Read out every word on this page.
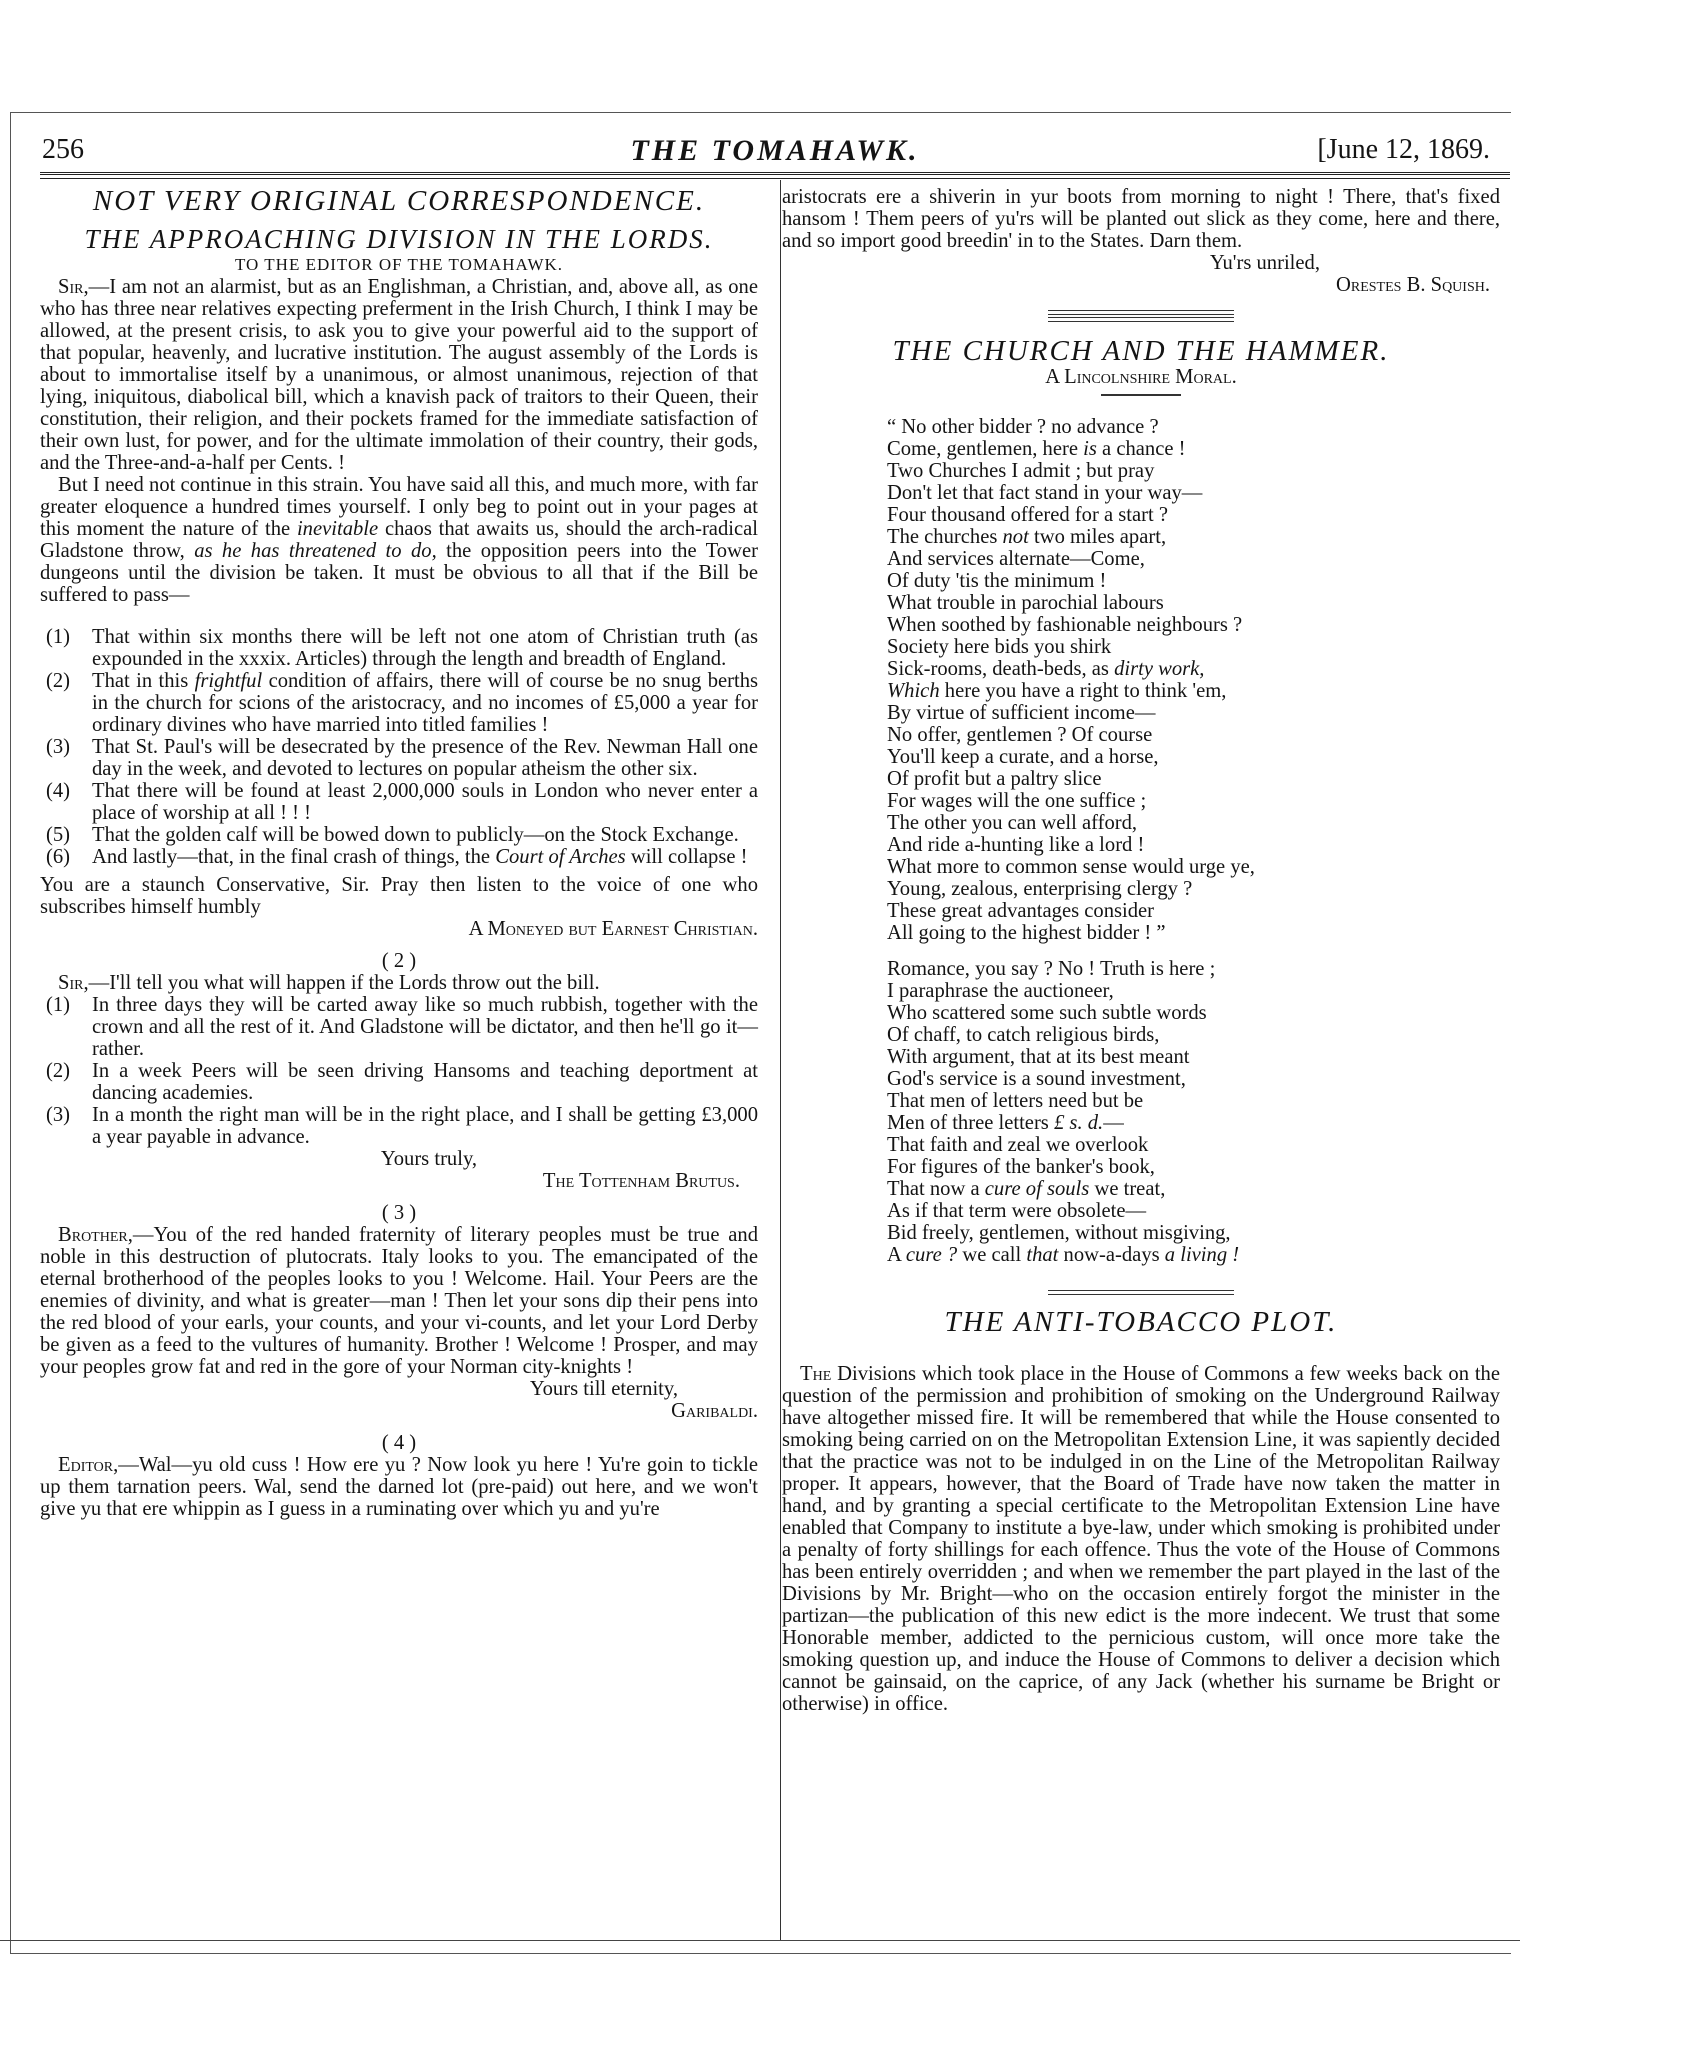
256	THE TOMAHAWK.	[June 12, 1869.

NOT VERY ORIGINAL CORRESPONDENCE.

THE APPROACHING DIVISION IN THE LORDS.

TO THE EDITOR OF THE TOMAHAWK.

Sir,—I am not an alarmist, but as an Englishman, a Christian, and, above all, as one who has three near relatives expecting preferment in the Irish Church, I think I may be allowed, at the present crisis, to ask you to give your powerful aid to the support of that popular, heavenly, and lucrative institution. The august assembly of the Lords is about to immortalise itself by a unanimous, or almost unanimous, rejection of that lying, iniquitous, diabolical bill, which a knavish pack of traitors to their Queen, their constitution, their religion, and their pockets framed for the immediate satisfaction of their own lust, for power, and for the ultimate immolation of their country, their gods, and the Three-and-a-half per Cents. !

But I need not continue in this strain. You have said all this, and much more, with far greater eloquence a hundred times yourself. I only beg to point out in your pages at this moment the nature of the inevitable chaos that awaits us, should the arch-radical Gladstone throw, as he has threatened to do, the opposition peers into the Tower dungeons until the division be taken. It must be obvious to all that if the Bill be suffered to pass—

(1)	That within six months there will be left not one atom of Christian truth (as expounded in the xxxix. Articles) through the length and breadth of England.
(2)	That in this frightful condition of affairs, there will of course be no snug berths in the church for scions of the aristocracy, and no incomes of £5,000 a year for ordinary divines who have married into titled families !
(3)	That St. Paul's will be desecrated by the presence of the Rev. Newman Hall one day in the week, and devoted to lectures on popular atheism the other six.
(4)	That there will be found at least 2,000,000 souls in London who never enter a place of worship at all ! ! !
(5)	That the golden calf will be bowed down to publicly—on the Stock Exchange.
(6)	And lastly—that, in the final crash of things, the Court of Arches will collapse !

You are a staunch Conservative, Sir. Pray then listen to the voice of one who subscribes himself humbly

A Moneyed but Earnest Christian.

( 2 )

Sir,—I'll tell you what will happen if the Lords throw out the bill.

(1)	In three days they will be carted away like so much rubbish, together with the crown and all the rest of it. And Gladstone will be dictator, and then he'll go it—rather.
(2)	In a week Peers will be seen driving Hansoms and teaching deportment at dancing academies.
(3)	In a month the right man will be in the right place, and I shall be getting £3,000 a year payable in advance.

Yours truly,

The Tottenham Brutus.

( 3 )

Brother,—You of the red handed fraternity of literary peoples must be true and noble in this destruction of plutocrats. Italy looks to you. The emancipated of the eternal brotherhood of the peoples looks to you ! Welcome. Hail. Your Peers are the enemies of divinity, and what is greater—man ! Then let your sons dip their pens into the red blood of your earls, your counts, and your vi-counts, and let your Lord Derby be given as a feed to the vultures of humanity. Brother ! Welcome ! Prosper, and may your peoples grow fat and red in the gore of your Norman city-knights !

Yours till eternity,

Garibaldi.

( 4 )

Editor,—Wal—yu old cuss ! How ere yu ? Now look yu here ! Yu're goin to tickle up them tarnation peers. Wal, send the darned lot (pre-paid) out here, and we won't give yu that ere whippin as I guess in a ruminating over which yu and yu're

aristocrats ere a shiverin in yur boots from morning to night ! There, that's fixed hansom ! Them peers of yu'rs will be planted out slick as they come, here and there, and so import good breedin' in to the States. Darn them.

Yu'rs unriled,

Orestes B. Squish.

THE CHURCH AND THE HAMMER.

A Lincolnshire Moral.

“ No other bidder ? no advance ?

Come, gentlemen, here is a chance !

Two Churches I admit ; but pray

Don't let that fact stand in your way—

Four thousand offered for a start ?

The churches not two miles apart,

And services alternate—Come,

Of duty 'tis the minimum !

What trouble in parochial labours

When soothed by fashionable neighbours ?

Society here bids you shirk

Sick-rooms, death-beds, as dirty work,

Which here you have a right to think 'em,

By virtue of sufficient income—

No offer, gentlemen ? Of course

You'll keep a curate, and a horse,

Of profit but a paltry slice

For wages will the one suffice ;

The other you can well afford,

And ride a-hunting like a lord !

What more to common sense would urge ye,

Young, zealous, enterprising clergy ?

These great advantages consider

All going to the highest bidder ! ”

Romance, you say ? No ! Truth is here ;

I paraphrase the auctioneer,

Who scattered some such subtle words

Of chaff, to catch religious birds,

With argument, that at its best meant

God's service is a sound investment,

That men of letters need but be

Men of three letters £ s. d.—

That faith and zeal we overlook

For figures of the banker's book,

That now a cure of souls we treat,

As if that term were obsolete—

Bid freely, gentlemen, without misgiving,

A cure ? we call that now-a-days a living !

THE ANTI-TOBACCO PLOT.

The Divisions which took place in the House of Commons a few weeks back on the question of the permission and prohibition of smoking on the Underground Railway have altogether missed fire. It will be remembered that while the House consented to smoking being carried on on the Metropolitan Extension Line, it was sapiently decided that the practice was not to be indulged in on the Line of the Metropolitan Railway proper. It appears, however, that the Board of Trade have now taken the matter in hand, and by granting a special certificate to the Metropolitan Extension Line have enabled that Company to institute a bye-law, under which smoking is prohibited under a penalty of forty shillings for each offence. Thus the vote of the House of Commons has been entirely overridden ; and when we remember the part played in the last of the Divisions by Mr. Bright—who on the occasion entirely forgot the minister in the partizan—the publication of this new edict is the more indecent. We trust that some Honorable member, addicted to the pernicious custom, will once more take the smoking question up, and induce the House of Commons to deliver a decision which cannot be gainsaid, on the caprice, of any Jack (whether his surname be Bright or otherwise) in office.
